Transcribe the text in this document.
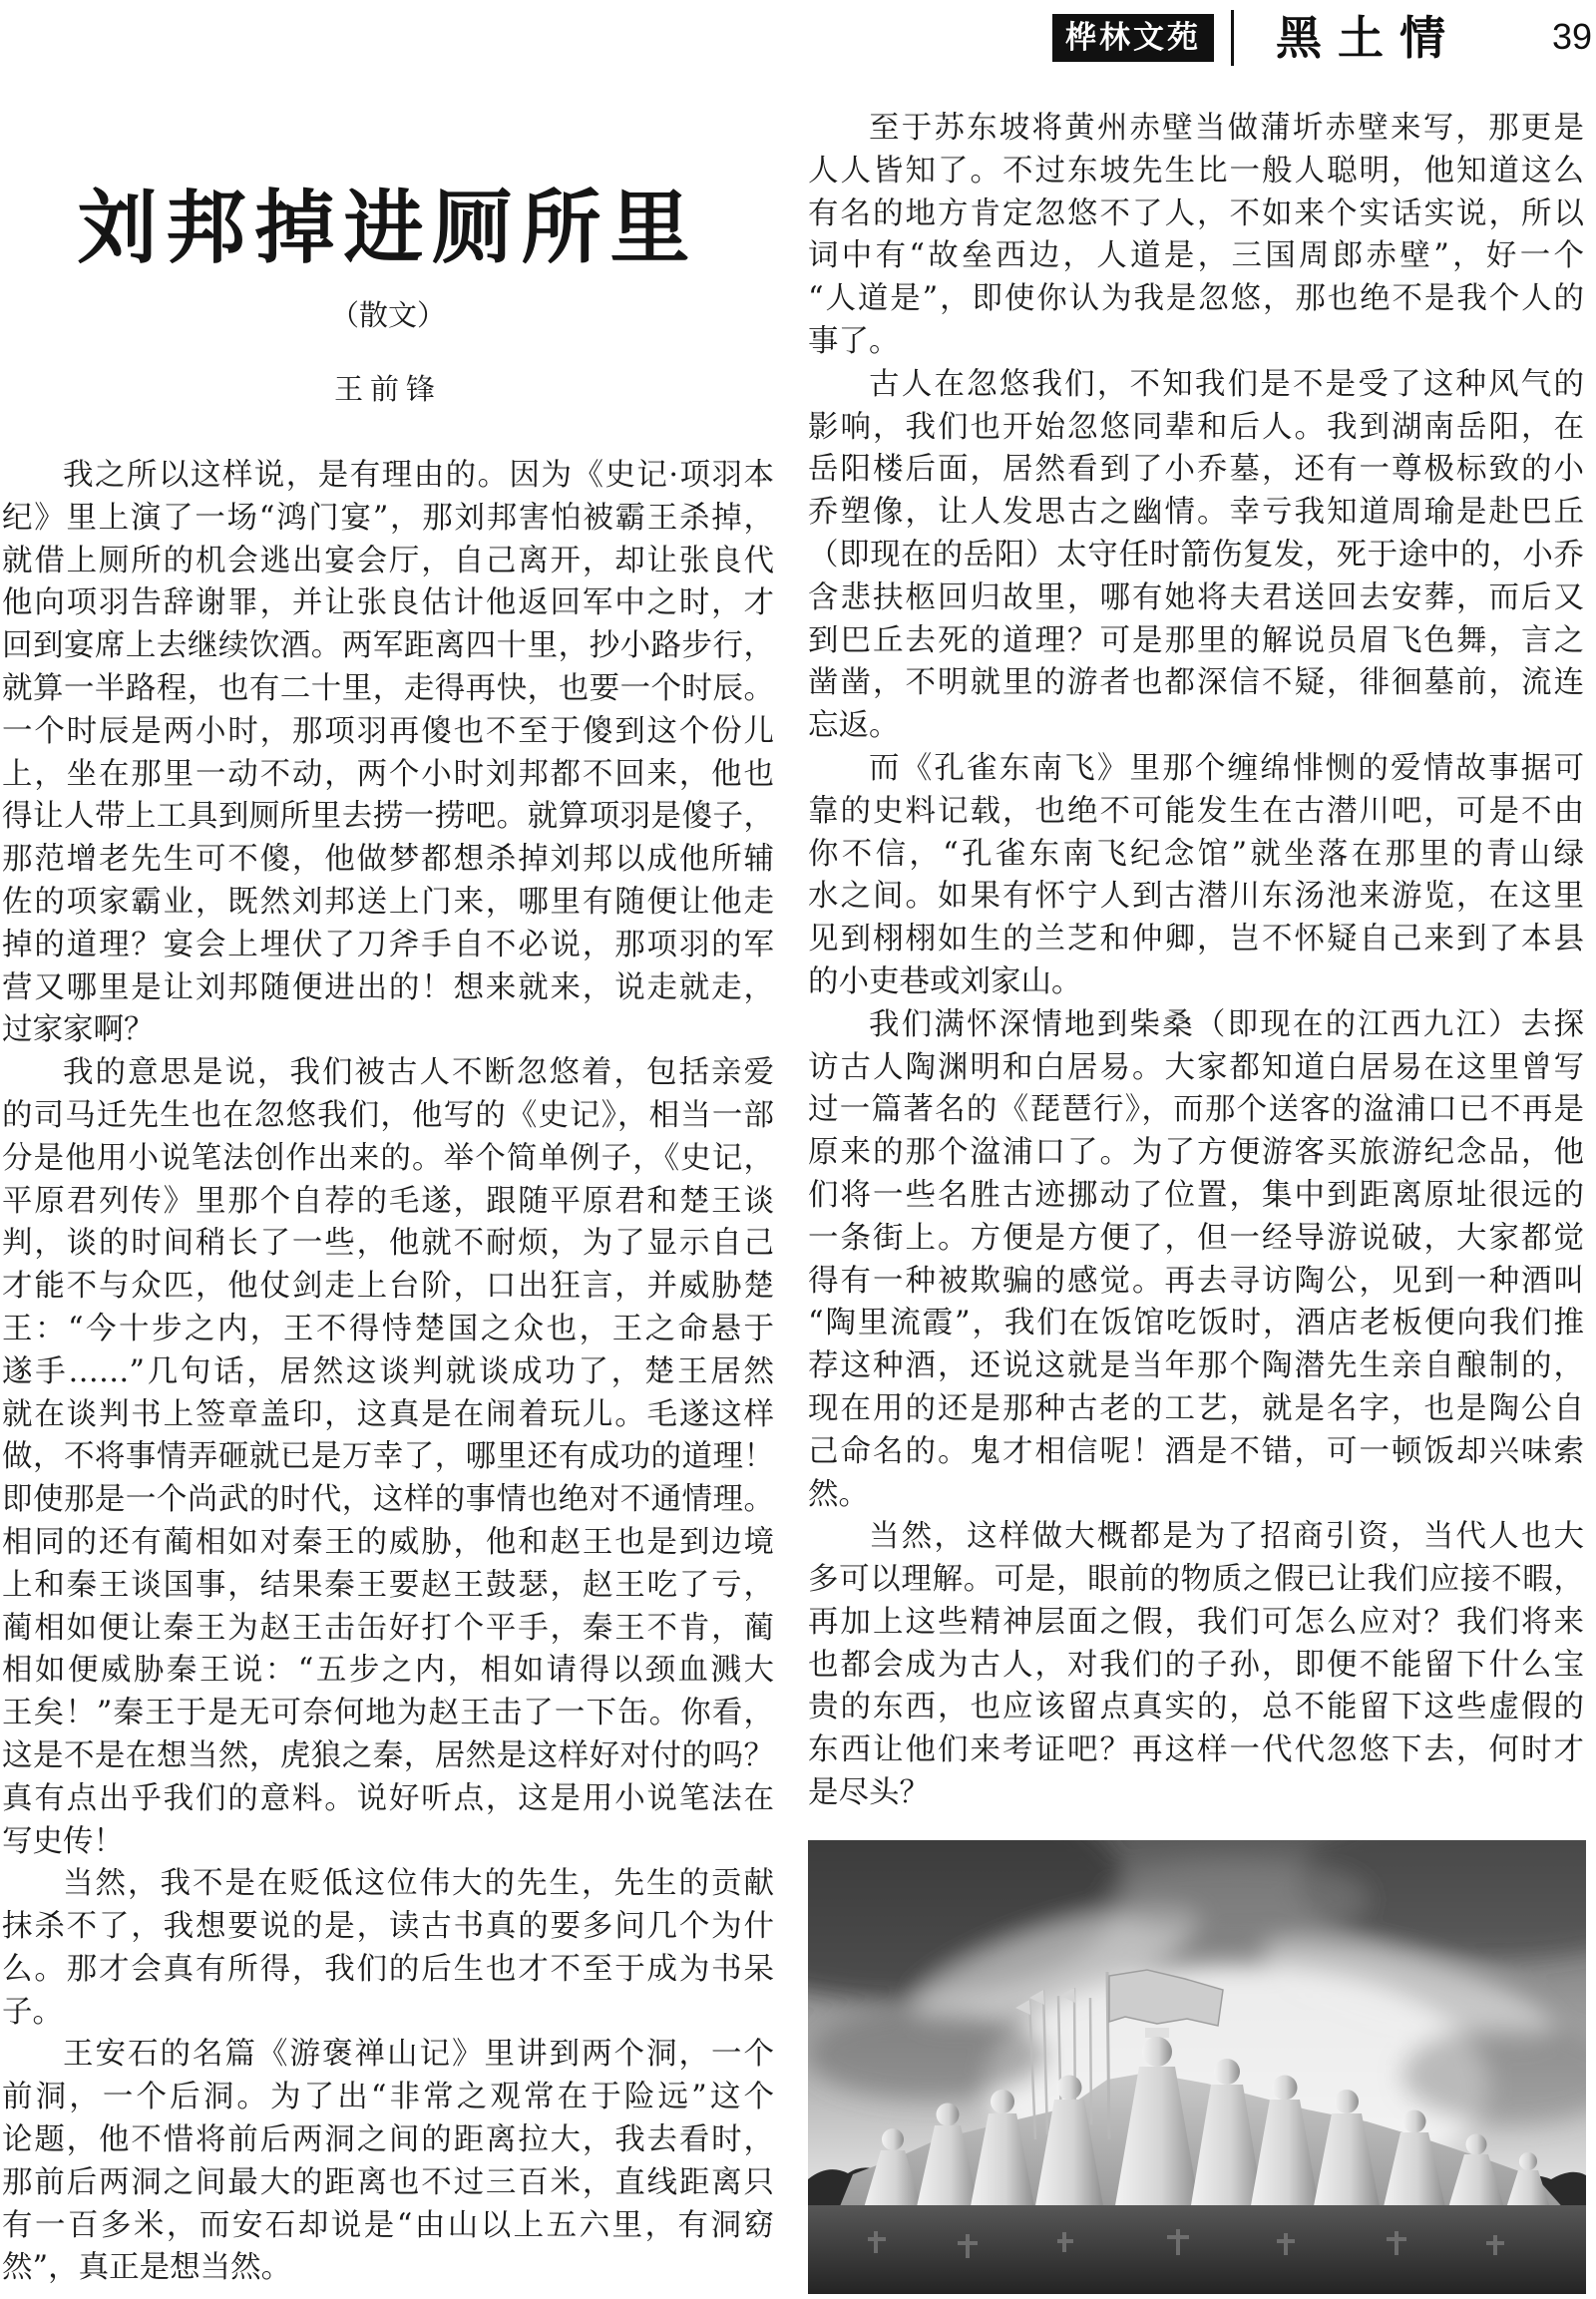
桦林文苑 黑土情	39
刘邦掉进厕所里
（散文）
王前锋
我之所以这样说，是有理由的。因为《史记·项羽本
纪》里上演了一场“鸿门宴”，那刘邦害怕被霸王杀掉，
就借上厕所的机会逃出宴会厅，自己离开，却让张良代
他向项羽告辞谢罪，并让张良估计他返回军中之时，才
回到宴席上去继续饮酒。两军距离四十里，抄小路步行，
就算一半路程，也有二十里，走得再快，也要一个时辰。
一个时辰是两小时，那项羽再傻也不至于傻到这个份儿
上，坐在那里一动不动，两个小时刘邦都不回来，他也
得让人带上工具到厕所里去捞一捞吧。就算项羽是傻子，
那范增老先生可不傻，他做梦都想杀掉刘邦以成他所辅
佐的项家霸业，既然刘邦送上门来，哪里有随便让他走
掉的道理？宴会上埋伏了刀斧手自不必说，那项羽的军
营又哪里是让刘邦随便进出的！想来就来，说走就走，
过家家啊？
我的意思是说，我们被古人不断忽悠着，包括亲爱
的司马迁先生也在忽悠我们，他写的《史记》，相当一部
分是他用小说笔法创作出来的。举个简单例子，《史记，
平原君列传》里那个自荐的毛遂，跟随平原君和楚王谈
判，谈的时间稍长了一些，他就不耐烦，为了显示自己
才能不与众匹，他仗剑走上台阶，口出狂言，并威胁楚
王：“今十步之内，王不得恃楚国之众也，王之命悬于
遂手……”几句话，居然这谈判就谈成功了，楚王居然
就在谈判书上签章盖印，这真是在闹着玩儿。毛遂这样
做，不将事情弄砸就已是万幸了，哪里还有成功的道理！
即使那是一个尚武的时代，这样的事情也绝对不通情理。
相同的还有蔺相如对秦王的威胁，他和赵王也是到边境
上和秦王谈国事，结果秦王要赵王鼓瑟，赵王吃了亏，
蔺相如便让秦王为赵王击缶好打个平手，秦王不肯，蔺
相如便威胁秦王说：“五步之内，相如请得以颈血溅大
王矣！”秦王于是无可奈何地为赵王击了一下缶。你看，
这是不是在想当然，虎狼之秦，居然是这样好对付的吗？
真有点出乎我们的意料。说好听点，这是用小说笔法在
写史传！
当然，我不是在贬低这位伟大的先生，先生的贡献
抹杀不了，我想要说的是，读古书真的要多问几个为什
么。那才会真有所得，我们的后生也才不至于成为书呆
子。
王安石的名篇《游褒禅山记》里讲到两个洞，一个
前洞，一个后洞。为了出“非常之观常在于险远”这个
论题，他不惜将前后两洞之间的距离拉大，我去看时，
那前后两洞之间最大的距离也不过三百米，直线距离只
有一百多米，而安石却说是“由山以上五六里，有洞窈
然”，真正是想当然。
至于苏东坡将黄州赤壁当做蒲圻赤壁来写，那更是
人人皆知了。不过东坡先生比一般人聪明，他知道这么
有名的地方肯定忽悠不了人，不如来个实话实说，所以
词中有“故垒西边，人道是，三国周郎赤壁”，好一个
“人道是”，即使你认为我是忽悠，那也绝不是我个人的
事了。
古人在忽悠我们，不知我们是不是受了这种风气的
影响，我们也开始忽悠同辈和后人。我到湖南岳阳，在
岳阳楼后面，居然看到了小乔墓，还有一尊极标致的小
乔塑像，让人发思古之幽情。幸亏我知道周瑜是赴巴丘
（即现在的岳阳）太守任时箭伤复发，死于途中的，小乔
含悲扶柩回归故里，哪有她将夫君送回去安葬，而后又
到巴丘去死的道理？可是那里的解说员眉飞色舞，言之
凿凿，不明就里的游者也都深信不疑，徘徊墓前，流连
忘返。
而《孔雀东南飞》里那个缠绵悱恻的爱情故事据可
靠的史料记载，也绝不可能发生在古潜川吧，可是不由
你不信，“孔雀东南飞纪念馆”就坐落在那里的青山绿
水之间。如果有怀宁人到古潜川东汤池来游览，在这里
见到栩栩如生的兰芝和仲卿，岂不怀疑自己来到了本县
的小吏巷或刘家山。
我们满怀深情地到柴桑（即现在的江西九江）去探
访古人陶渊明和白居易。大家都知道白居易在这里曾写
过一篇著名的《琵琶行》，而那个送客的湓浦口已不再是
原来的那个湓浦口了。为了方便游客买旅游纪念品，他
们将一些名胜古迹挪动了位置，集中到距离原址很远的
一条街上。方便是方便了，但一经导游说破，大家都觉
得有一种被欺骗的感觉。再去寻访陶公，见到一种酒叫
“陶里流霞”，我们在饭馆吃饭时，酒店老板便向我们推
荐这种酒，还说这就是当年那个陶潜先生亲自酿制的，
现在用的还是那种古老的工艺，就是名字，也是陶公自
己命名的。鬼才相信呢！酒是不错，可一顿饭却兴味索
然。
当然，这样做大概都是为了招商引资，当代人也大
多可以理解。可是，眼前的物质之假已让我们应接不暇，
再加上这些精神层面之假，我们可怎么应对？我们将来
也都会成为古人，对我们的子孙，即便不能留下什么宝
贵的东西，也应该留点真实的，总不能留下这些虚假的
东西让他们来考证吧？再这样一代代忽悠下去，何时才
是尽头？
